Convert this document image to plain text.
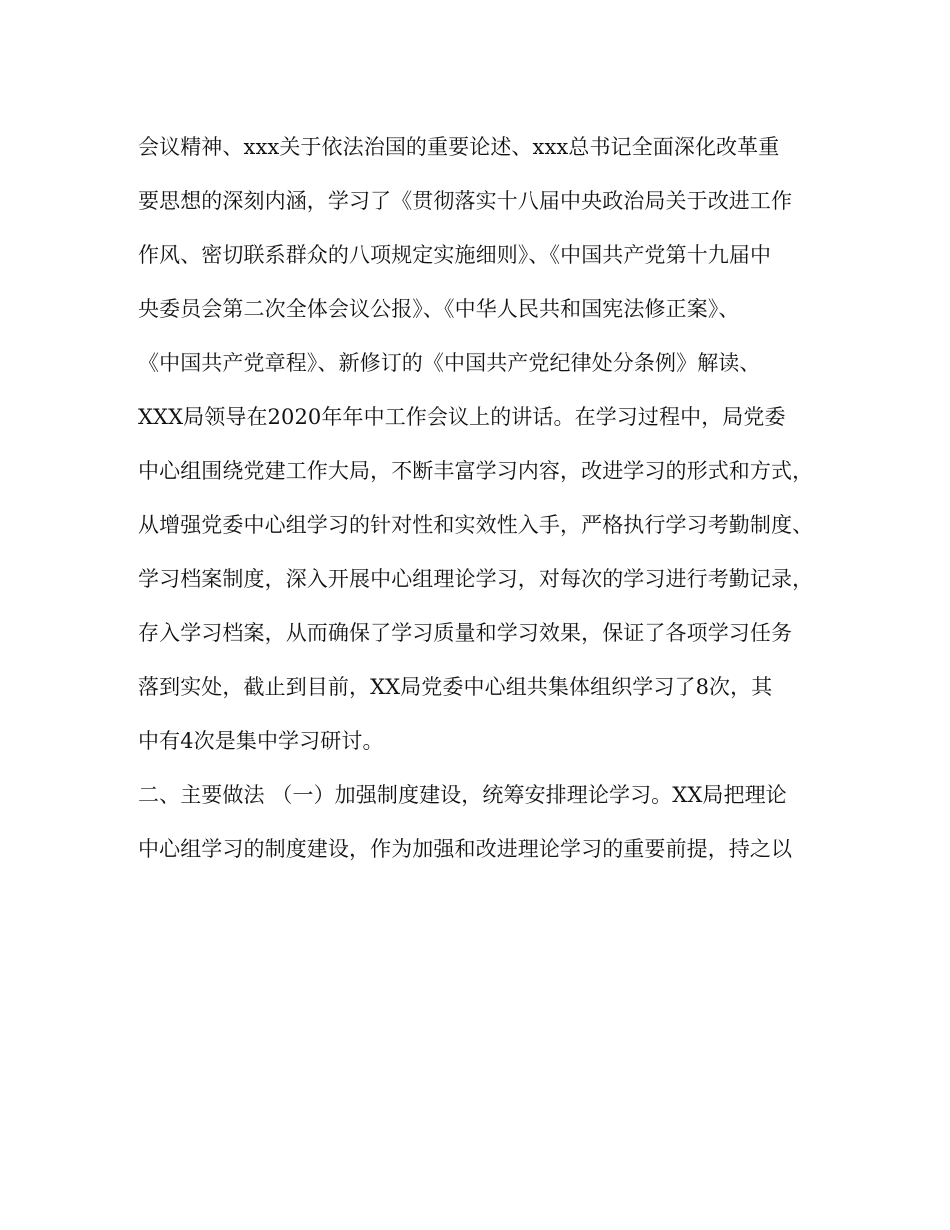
会议精神、xxx关于依法治国的重要论述、xxx总书记全面深化改革重
要思想的深刻内涵，学习了《贯彻落实十八届中央政治局关于改进工作
作风、密切联系群众的八项规定实施细则》、《中国共产党第十九届中
央委员会第二次全体会议公报》、《中华人民共和国宪法修正案》、
《中国共产党章程》、新修订的《中国共产党纪律处分条例》解读、
XXX局领导在2020年年中工作会议上的讲话。在学习过程中，局党委
中心组围绕党建工作大局，不断丰富学习内容，改进学习的形式和方式，
从增强党委中心组学习的针对性和实效性入手，严格执行学习考勤制度、
学习档案制度，深入开展中心组理论学习，对每次的学习进行考勤记录，
存入学习档案，从而确保了学习质量和学习效果，保证了各项学习任务
落到实处，截止到目前，XX局党委中心组共集体组织学习了8次，其
中有4次是集中学习研讨。
二、主要做法 （一）加强制度建设，统筹安排理论学习。XX局把理论
中心组学习的制度建设，作为加强和改进理论学习的重要前提，持之以
